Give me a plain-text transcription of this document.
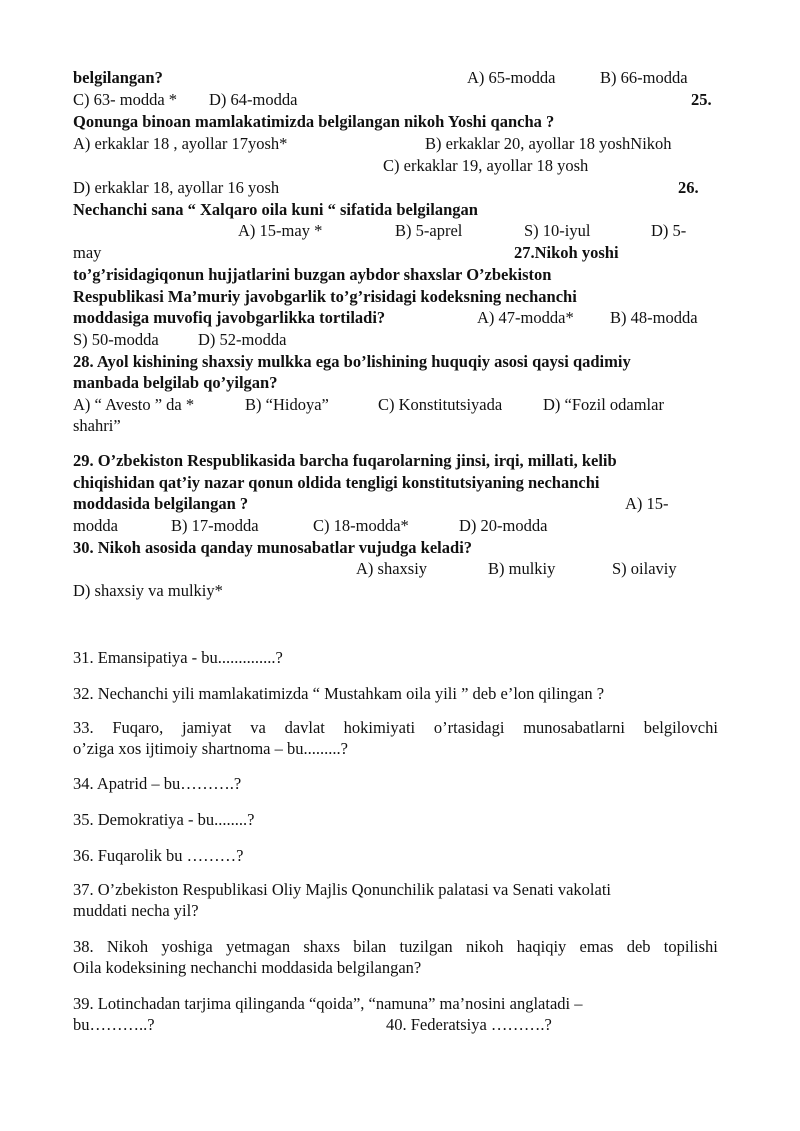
belgilangan?	A) 65-modda	B) 66-modda
C) 63- modda * D) 64-modda	25.
Qonunga binoan mamlakatimizda belgilangan nikoh Yoshi qancha ?
A) erkaklar 18 , ayollar 17yosh*	B) erkaklar 20, ayollar 18 yoshNikoh
C) erkaklar 19, ayollar 18 yosh
D) erkaklar 18, ayollar 16 yosh	26.
Nechanchi sana “ Xalqaro oila kuni “ sifatida belgilangan
A) 15-may *	B) 5-aprel	S) 10-iyul	D) 5-
may	27.Nikoh yoshi
to’g’risidagiqonun hujjatlarini buzgan aybdor shaxslar O’zbekiston
Respublikasi Ma’muriy javobgarlik to’g’risidagi kodeksning nechanchi
moddasiga muvofiq javobgarlikka tortiladi?	A) 47-modda* B) 48-modda
S) 50-modda D) 52-modda
28. Ayol kishining shaxsiy mulkka ega bo’lishining huquqiy asosi qaysi qadimiy
manbada belgilab qo’yilgan?
A) “ Avesto ” da *	B) “Hidoya”	C) Konstitutsiyada D) “Fozil odamlar
shahri”
29. O’zbekiston Respublikasida barcha fuqarolarning jinsi, irqi, millati, kelib
chiqishidan qat’iy nazar qonun oldida tengligi konstitutsiyaning nechanchi
moddasida belgilangan ?	A) 15-
modda	B) 17-modda	C) 18-modda*	D) 20-modda
30. Nikoh asosida qanday munosabatlar vujudga keladi?
A) shaxsiy	B) mulkiy	S) oilaviy
D) shaxsiy va mulkiy*
31. Emansipatiya - bu..............?
32. Nechanchi yili mamlakatimizda “ Mustahkam oila yili ” deb e’lon qilingan ?
33. Fuqaro, jamiyat va davlat hokimiyati o’rtasidagi munosabatlarni belgilovchi
o’ziga xos ijtimoiy shartnoma – bu.........?
34. Apatrid – bu……….?
35. Demokratiya - bu........?
36. Fuqarolik bu ………?
37. O’zbekiston Respublikasi Oliy Majlis Qonunchilik palatasi va Senati vakolati
muddati necha yil?
38. Nikoh yoshiga yetmagan shaxs bilan tuzilgan nikoh haqiqiy emas deb topilishi
Oila kodeksining nechanchi moddasida belgilangan?
39. Lotinchadan tarjima qilinganda “qoida”, “namuna” ma’nosini anglatadi –
bu………..?	40. Federatsiya ……….?
